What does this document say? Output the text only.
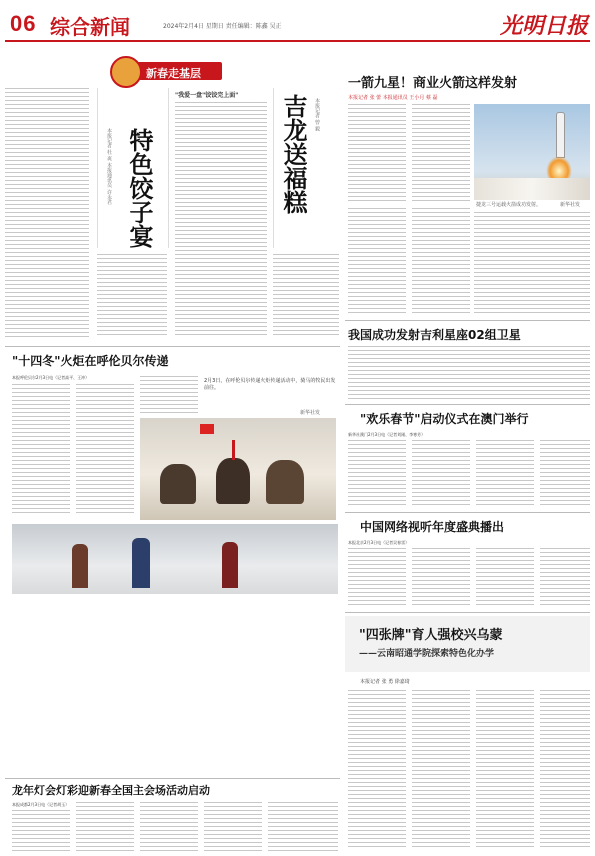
06 综合新闻	2024年2月4日 星期日 责任编辑：陈鑫 吴正	光明日报
新春走基层
特色饺子宴
本报记者 杜 爽 本报通讯员 许永君
"我爱一盘"饺饺完上面" 吉龙送福糕 本报记者 曾 毅
一箭九星！商业火箭这样发射
本报记者 张 蕾 本报通讯员 王小月 蔡 磊
捷龙三号运载火箭成功发射。	新华社发
我国成功发射吉利星座02组卫星
"十四冬"火炬在呼伦贝尔传递
本报呼伦贝尔2月3日电（记者高平、王冲）
2月3日，在呼伦贝尔传递火炬传递活动中，骑马的牧民出发前往。
新华社发	"欢乐春节"启动仪式在澳门举行
新华社澳门2月3日电（记者刘刚、李寒芳）
中国网络视听年度盛典播出
本报北京2月3日电（记者吴春雷）
"四张牌"育人强校兴乌蒙
——云南昭通学院探索特色化办学
本报记者 张 勇 徐嘉琦
龙年灯会灯彩迎新春全国主会场活动启动
本报成都2月3日电（记者胡玉）
